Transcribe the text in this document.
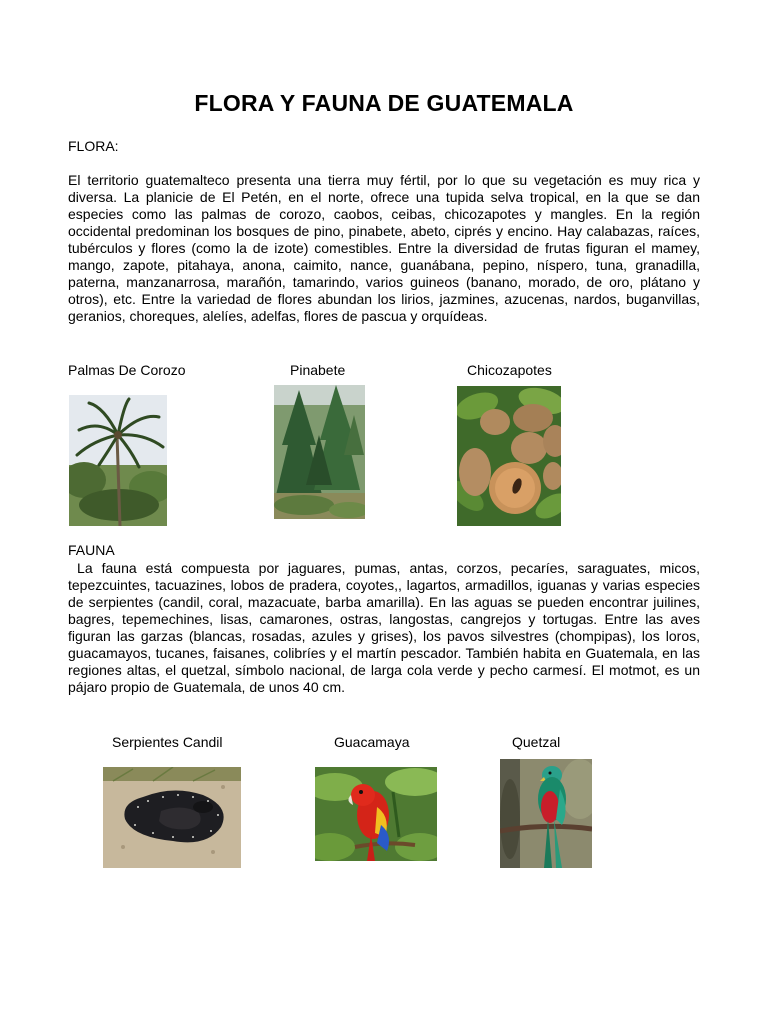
FLORA Y FAUNA DE GUATEMALA
FLORA:

El territorio guatemalteco presenta una tierra muy fértil, por lo que su vegetación es muy rica y diversa. La planicie de El Petén, en el norte, ofrece una tupida selva tropical, en la que se dan especies como las palmas de corozo, caobos, ceibas, chicozapotes y mangles. En la región occidental predominan los bosques de pino, pinabete, abeto, ciprés y encino. Hay calabazas, raíces, tubérculos y flores (como la de izote) comestibles. Entre la diversidad de frutas figuran el mamey, mango, zapote, pitahaya, anona, caimito, nance, guanábana, pepino, níspero, tuna, granadilla, paterna, manzanarrosa, marañón, tamarindo, varios guineos (banano, morado, de oro, plátano y otros), etc. Entre la variedad de flores abundan los lirios, jazmines, azucenas, nardos, buganvillas, geranios, choreques, alelíes, adelfas, flores de pascua y orquídeas.

Palmas De Corozo	Pinabete	Chicozapotes
FAUNA

La fauna está compuesta por jaguares, pumas, antas, corzos, pecaríes, saraguates, micos, tepezcuintes, tacuazines, lobos de pradera, coyotes,, lagartos, armadillos, iguanas y varias especies de serpientes (candil, coral, mazacuate, barba amarilla). En las aguas se pueden encontrar juilines, bagres, tepemechines, lisas, camarones, ostras, langostas, cangrejos y tortugas. Entre las aves figuran las garzas (blancas, rosadas, azules y grises), los pavos silvestres (chompipas), los loros, guacamayos, tucanes, faisanes, colibríes y el martín pescador. También habita en Guatemala, en las regiones altas, el quetzal, símbolo nacional, de larga cola verde y pecho carmesí. El motmot, es un pájaro propio de Guatemala, de unos 40 cm.

Serpientes Candil	Guacamaya	Quetzal
